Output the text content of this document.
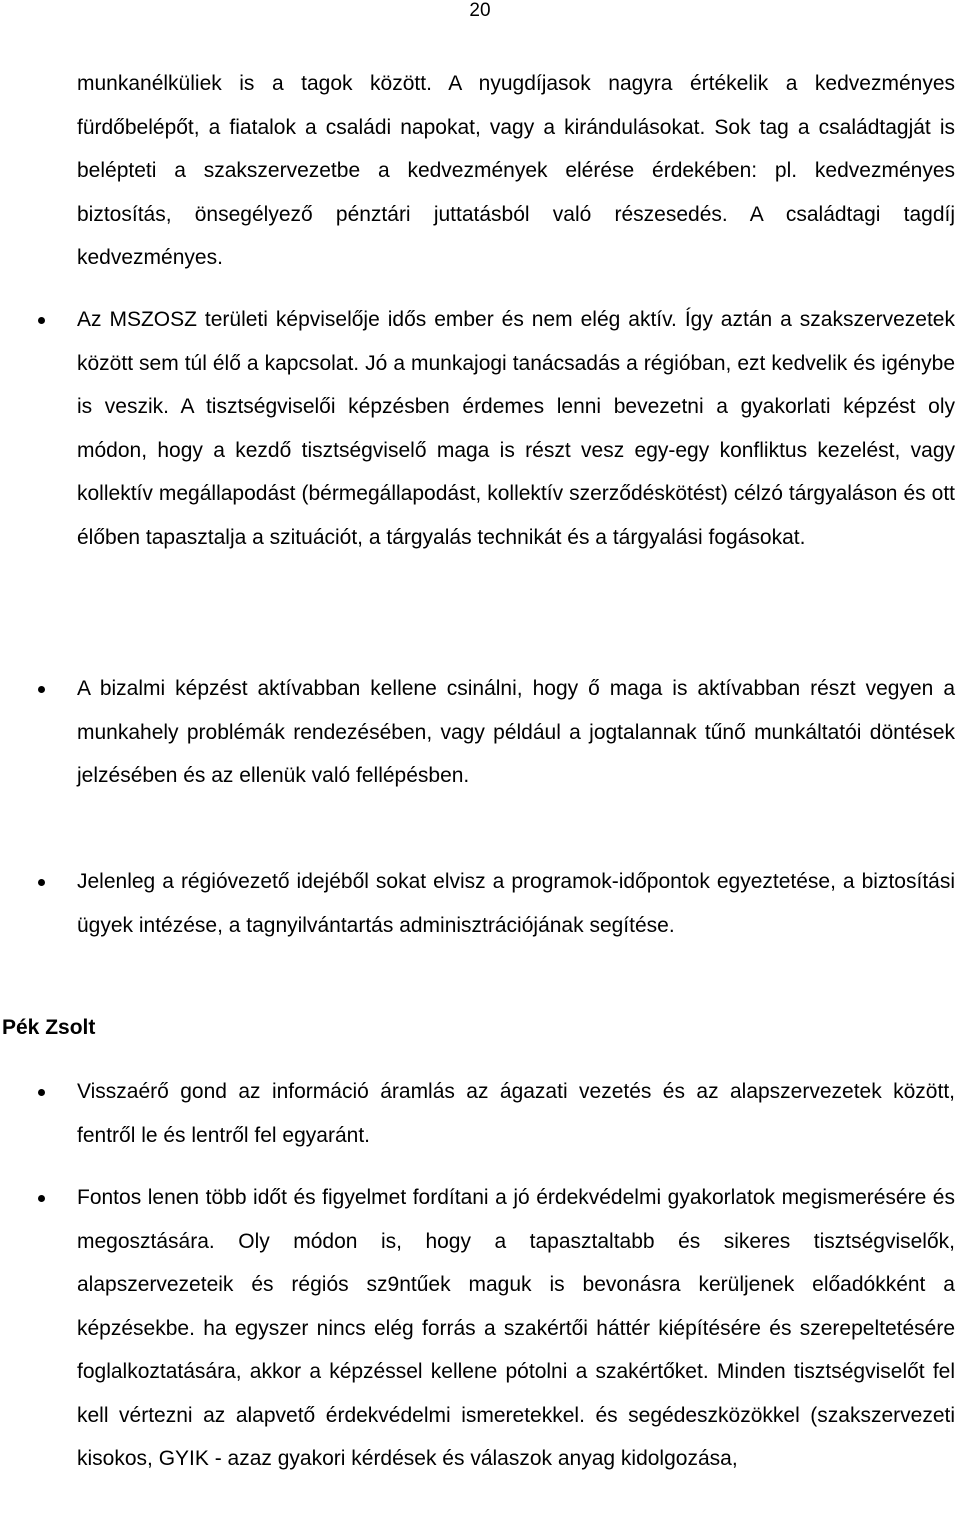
20
munkanélküliek is a tagok között. A nyugdíjasok nagyra értékelik a kedvezményes fürdőbelépőt, a fiatalok a családi napokat, vagy a kirándulásokat. Sok tag a családtagját is belépteti a szakszervezetbe a kedvezmények elérése érdekében: pl. kedvezményes biztosítás, önsegélyező pénztári juttatásból való részesedés. A családtagi tagdíj kedvezményes.
Az MSZOSZ területi képviselője idős ember és nem elég aktív. Így aztán a szakszervezetek között sem túl élő a kapcsolat. Jó a munkajogi tanácsadás a régióban, ezt kedvelik és igénybe is veszik. A tisztségviselői képzésben érdemes lenni bevezetni a gyakorlati képzést oly módon, hogy a kezdő tisztségviselő maga is részt vesz egy-egy konfliktus kezelést, vagy kollektív megállapodást (bérmegállapodást, kollektív szerződéskötést) célzó tárgyaláson és ott élőben tapasztalja a szituációt, a tárgyalás technikát és a tárgyalási fogásokat.
A bizalmi képzést aktívabban kellene csinálni, hogy ő maga is aktívabban részt vegyen a munkahely problémák rendezésében, vagy például a jogtalannak tűnő munkáltatói döntések jelzésében és az ellenük való fellépésben.
Jelenleg a régióvezető idejéből sokat elvisz a programok-időpontok egyeztetése, a biztosítási ügyek intézése, a tagnyilvántartás adminisztrációjának segítése.
Pék Zsolt
Visszaérő gond az információ áramlás az ágazati vezetés és az alapszervezetek között, fentről le és lentről fel egyaránt.
Fontos lenen több időt és figyelmet fordítani a jó érdekvédelmi gyakorlatok megismerésére és megosztására. Oly módon is, hogy a tapasztaltabb és sikeres tisztségviselők, alapszervezeteik és régiós sz9ntűek maguk is bevonásra kerüljenek előadókként a képzésekbe. ha egyszer nincs elég forrás a szakértői háttér kiépítésére és szerepeltetésére foglalkoztatására, akkor a képzéssel kellene pótolni a szakértőket. Minden tisztségviselőt fel kell vértezni az alapvető érdekvédelmi ismeretekkel. és segédeszközökkel (szakszervezeti kisokos, GYIK - azaz gyakori kérdések és válaszok anyag kidolgozása,
